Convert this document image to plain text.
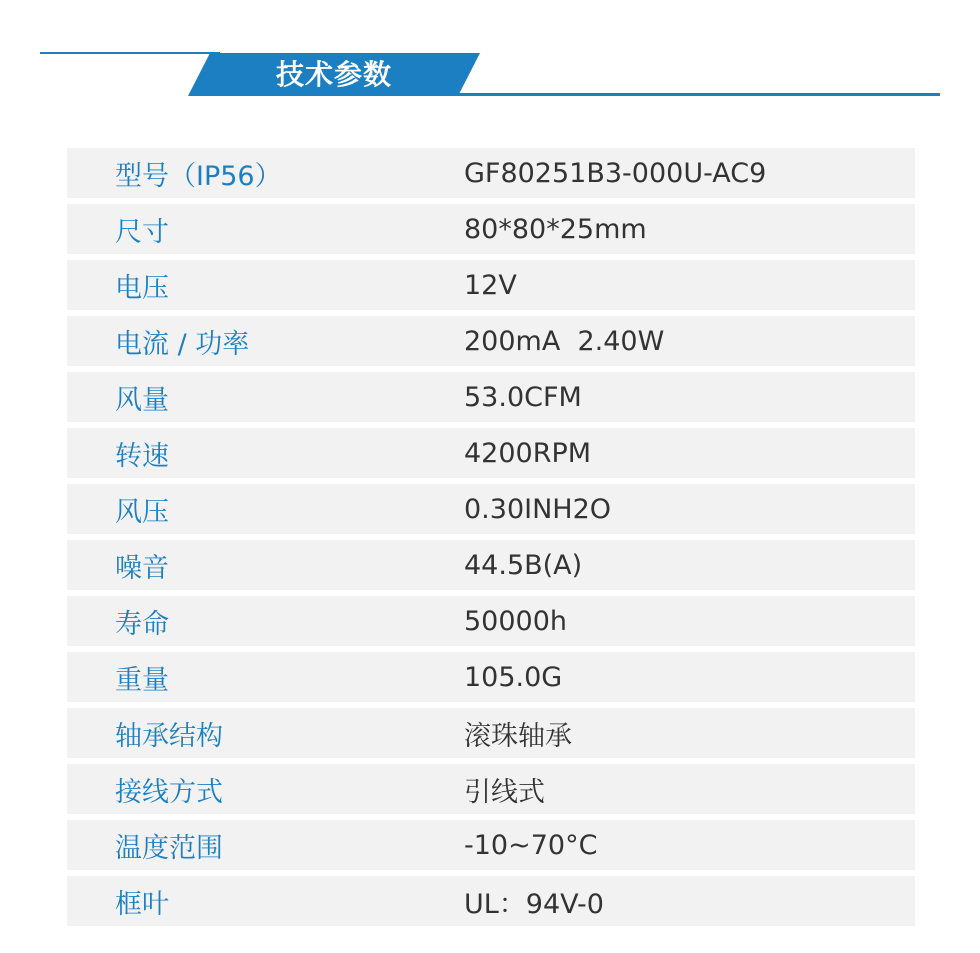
技术参数
型号（IP56）	GF80251B3-000U-AC9
尺寸	80*80*25mm
电压	12V
电流 / 功率	200mA  2.40W
风量	53.0CFM
转速	4200RPM
风压	0.30INH2O
噪音	44.5B(A)
寿命	50000h
重量	105.0G
轴承结构	滚珠轴承
接线方式	引线式
温度范围	-10~70°C
框叶	UL：94V-0
